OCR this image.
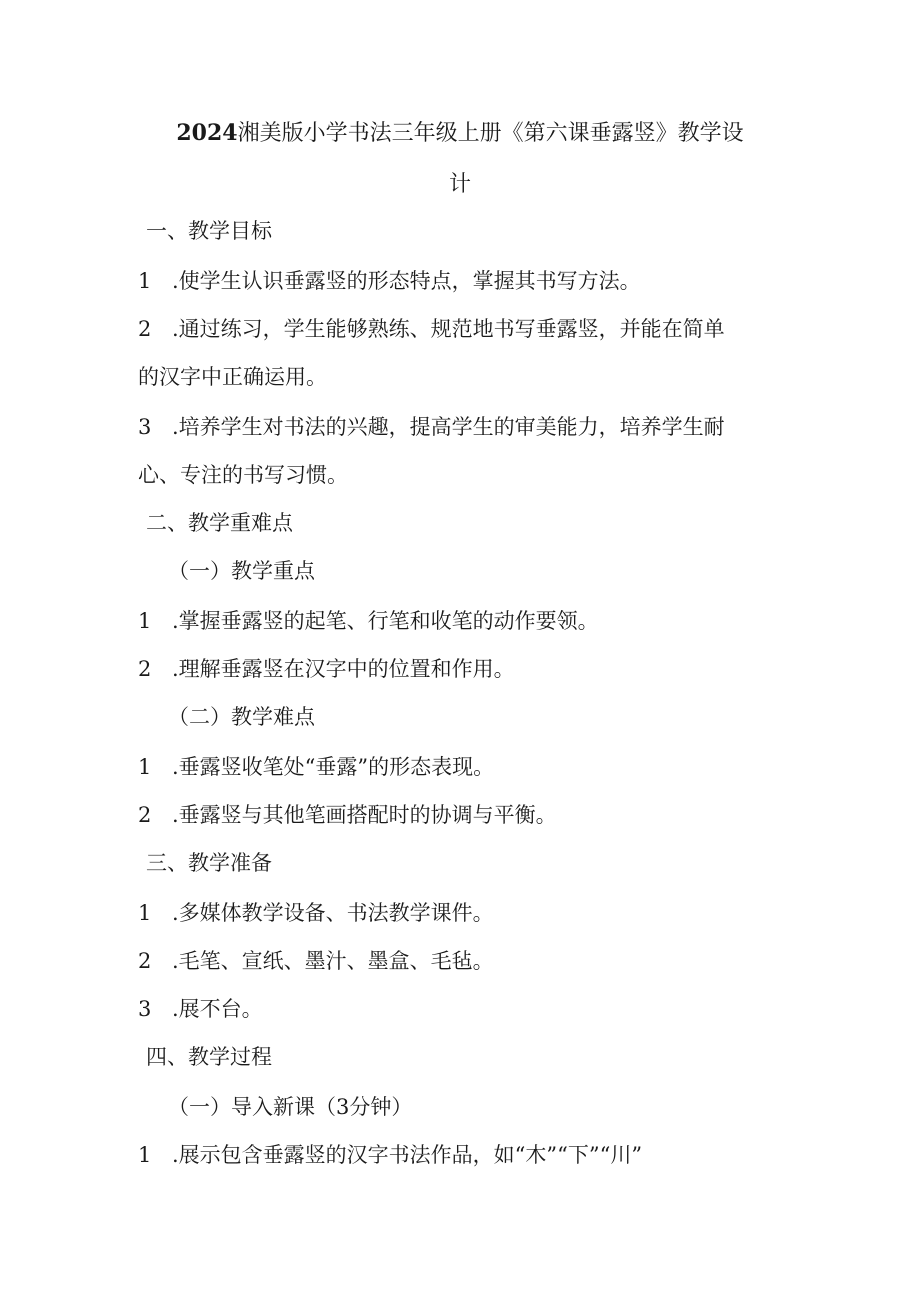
2024湘美版小学书法三年级上册《第六课垂露竖》教学设

计

一、教学目标

1 .使学生认识垂露竖的形态特点，掌握其书写方法。

2 .通过练习，学生能够熟练、规范地书写垂露竖，并能在简单

的汉字中正确运用。

3 .培养学生对书法的兴趣，提高学生的审美能力，培养学生耐

心、专注的书写习惯。

二、教学重难点

（一）教学重点

1 .掌握垂露竖的起笔、行笔和收笔的动作要领。

2 .理解垂露竖在汉字中的位置和作用。

（二）教学难点

1 .垂露竖收笔处“垂露”的形态表现。

2 .垂露竖与其他笔画搭配时的协调与平衡。

三、教学准备

1 .多媒体教学设备、书法教学课件。

2 .毛笔、宣纸、墨汁、墨盒、毛毡。

3 .展不台。

四、教学过程

（一）导入新课（3分钟）

1 .展示包含垂露竖的汉字书法作品，如“木”“下”“川”
